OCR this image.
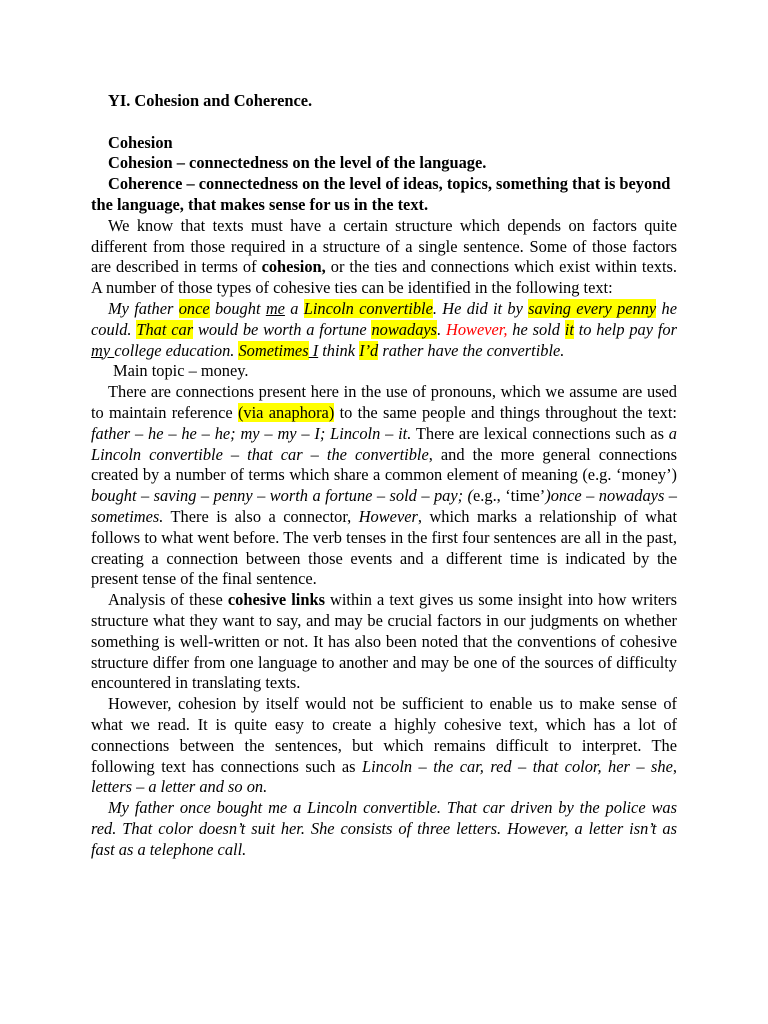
YI. Cohesion and Coherence.

Cohesion

Cohesion – connectedness on the level of the language.

Coherence – connectedness on the level of ideas, topics, something that is beyond the language, that makes sense for us in the text.

We know that texts must have a certain structure which depends on factors quite different from those required in a structure of a single sentence. Some of those factors are described in terms of cohesion, or the ties and connections which exist within texts. A number of those types of cohesive ties can be identified in the following text:

My father once bought me a Lincoln convertible. He did it by saving every penny he could. That car would be worth a fortune nowadays. However, he sold it to help pay for my college education. Sometimes I think I’d rather have the convertible.

Main topic – money.

There are connections present here in the use of pronouns, which we assume are used to maintain reference (via anaphora) to the same people and things throughout the text: father – he – he – he; my – my – I; Lincoln – it. There are lexical connections such as a Lincoln convertible – that car – the convertible, and the more general connections created by a number of terms which share a common element of meaning (e.g. ‘money’) bought – saving – penny – worth a fortune – sold – pay; (e.g., ‘time’)once – nowadays – sometimes. There is also a connector, However, which marks a relationship of what follows to what went before. The verb tenses in the first four sentences are all in the past, creating a connection between those events and a different time is indicated by the present tense of the final sentence.

Analysis of these cohesive links within a text gives us some insight into how writers structure what they want to say, and may be crucial factors in our judgments on whether something is well-written or not. It has also been noted that the conventions of cohesive structure differ from one language to another and may be one of the sources of difficulty encountered in translating texts.

However, cohesion by itself would not be sufficient to enable us to make sense of what we read. It is quite easy to create a highly cohesive text, which has a lot of connections between the sentences, but which remains difficult to interpret. The following text has connections such as Lincoln – the car, red – that color, her – she, letters – a letter and so on.

My father once bought me a Lincoln convertible. That car driven by the police was red. That color doesn’t suit her. She consists of three letters. However, a letter isn’t as fast as a telephone call.
